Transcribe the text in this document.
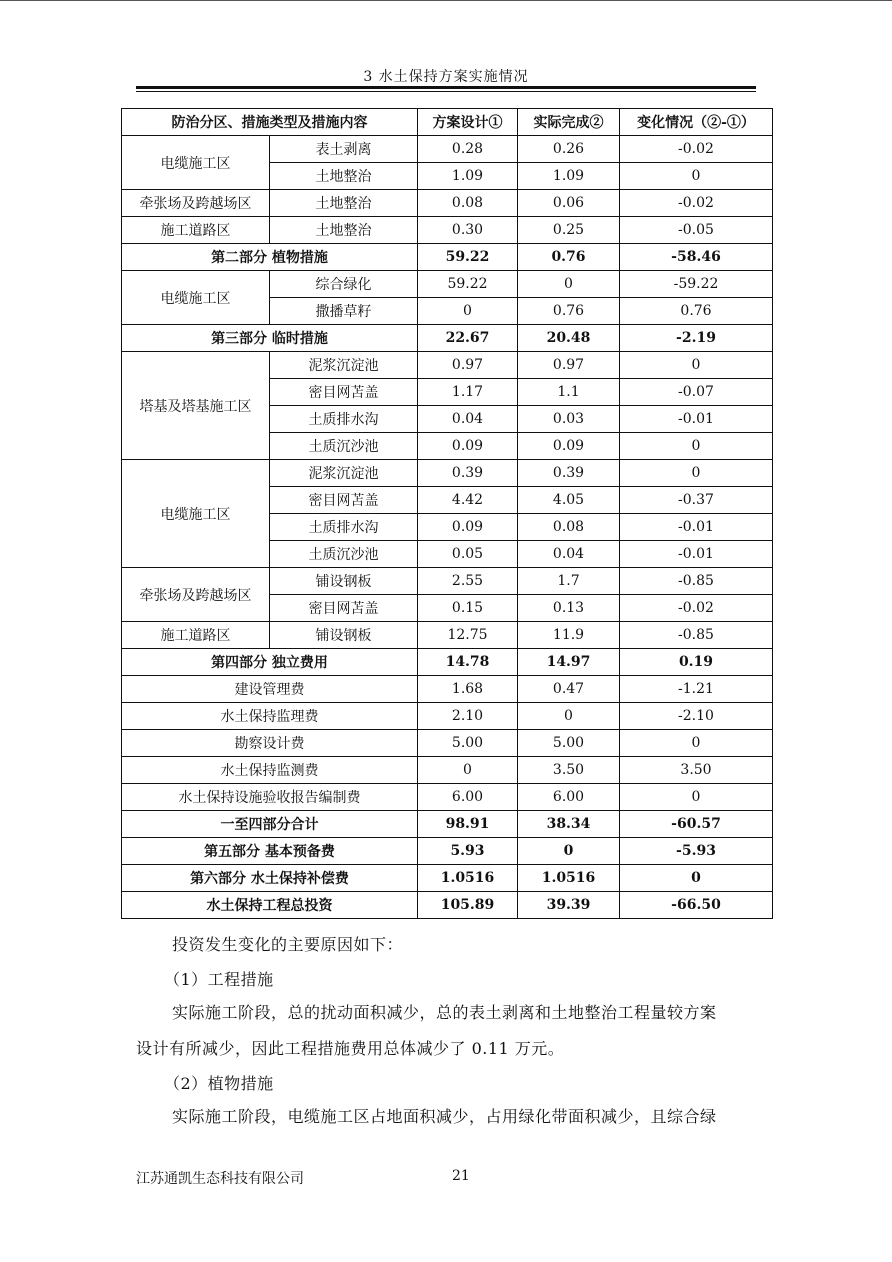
3 水土保持方案实施情况
防治分区、措施类型及措施内容		方案设计①	实际完成②	变化情况（②-①）
电缆施工区	表土剥离	0.28	0.26	-0.02
	土地整治	1.09	1.09	0
牵张场及跨越场区	土地整治	0.08	0.06	-0.02
施工道路区	土地整治	0.30	0.25	-0.05
第二部分 植物措施		59.22	0.76	-58.46
电缆施工区	综合绿化	59.22	0	-59.22
	撒播草籽	0	0.76	0.76
第三部分 临时措施		22.67	20.48	-2.19
塔基及塔基施工区	泥浆沉淀池	0.97	0.97	0
	密目网苫盖	1.17	1.1	-0.07
	土质排水沟	0.04	0.03	-0.01
	土质沉沙池	0.09	0.09	0
电缆施工区	泥浆沉淀池	0.39	0.39	0
	密目网苫盖	4.42	4.05	-0.37
	土质排水沟	0.09	0.08	-0.01
	土质沉沙池	0.05	0.04	-0.01
牵张场及跨越场区	铺设钢板	2.55	1.7	-0.85
	密目网苫盖	0.15	0.13	-0.02
施工道路区	铺设钢板	12.75	11.9	-0.85
第四部分 独立费用		14.78	14.97	0.19
建设管理费		1.68	0.47	-1.21
水土保持监理费		2.10	0	-2.10
勘察设计费		5.00	5.00	0
水土保持监测费		0	3.50	3.50
水土保持设施验收报告编制费		6.00	6.00	0
一至四部分合计		98.91	38.34	-60.57
第五部分 基本预备费		5.93	0	-5.93
第六部分 水土保持补偿费		1.0516	1.0516	0
水土保持工程总投资		105.89	39.39	-66.50
投资发生变化的主要原因如下：
（1）工程措施
实际施工阶段，总的扰动面积减少，总的表土剥离和土地整治工程量较方案
设计有所减少，因此工程措施费用总体减少了 0.11 万元。
（2）植物措施
实际施工阶段，电缆施工区占地面积减少，占用绿化带面积减少，且综合绿
江苏通凯生态科技有限公司	21
